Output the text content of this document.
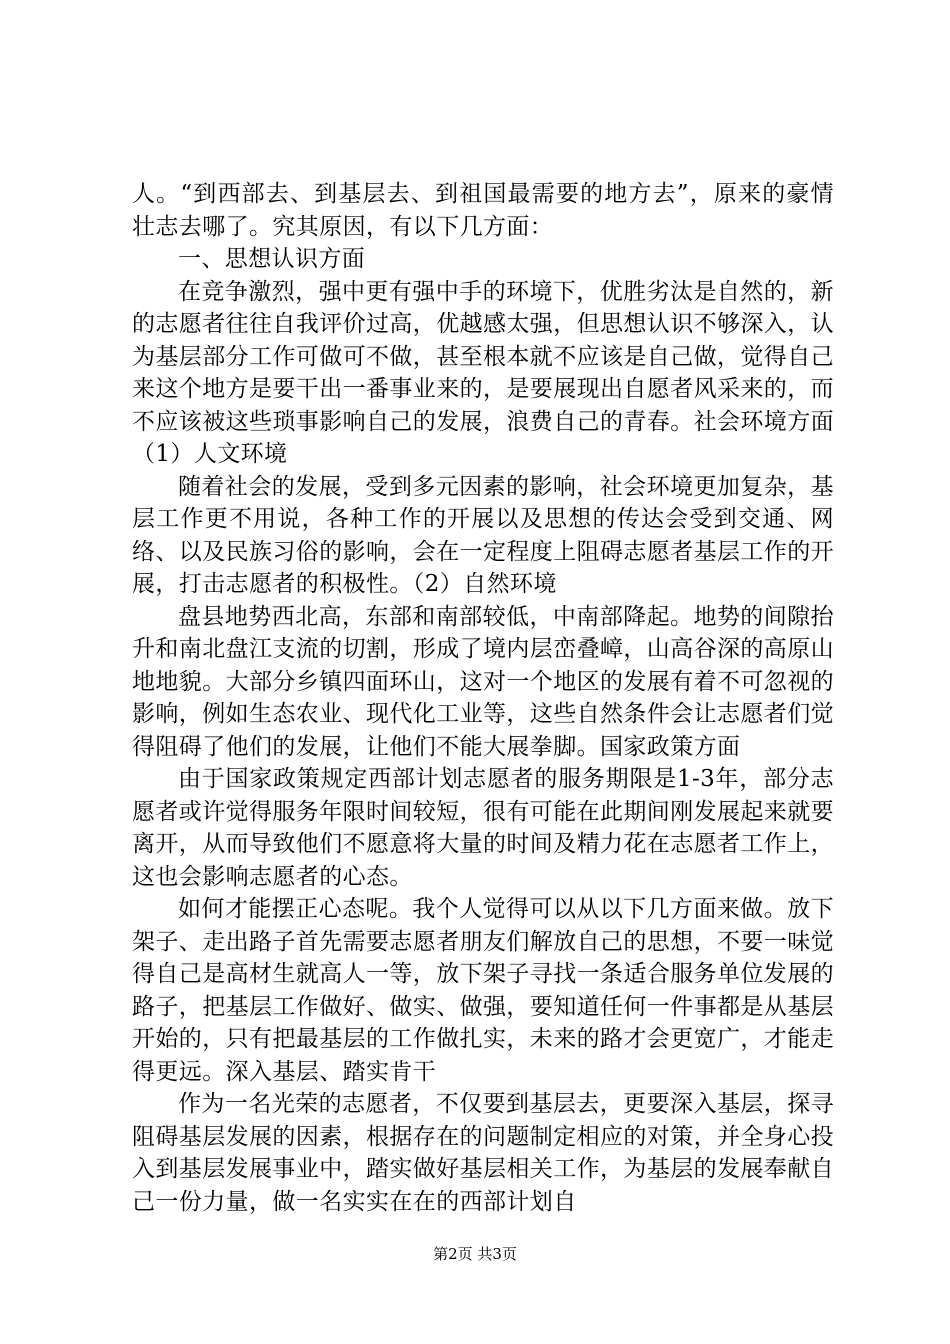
人。“到西部去、到基层去、到祖国最需要的地方去”，原来的豪情壮志去哪了。究其原因，有以下几方面：

一、思想认识方面

在竞争激烈，强中更有强中手的环境下，优胜劣汰是自然的，新的志愿者往往自我评价过高，优越感太强，但思想认识不够深入，认为基层部分工作可做可不做，甚至根本就不应该是自己做，觉得自己来这个地方是要干出一番事业来的，是要展现出自愿者风采来的，而不应该被这些琐事影响自己的发展，浪费自己的青春。社会环境方面（1）人文环境

随着社会的发展，受到多元因素的影响，社会环境更加复杂，基层工作更不用说，各种工作的开展以及思想的传达会受到交通、网络、以及民族习俗的影响，会在一定程度上阻碍志愿者基层工作的开展，打击志愿者的积极性。（2）自然环境

盘县地势西北高，东部和南部较低，中南部降起。地势的间隙抬升和南北盘江支流的切割，形成了境内层峦叠嶂，山高谷深的高原山地地貌。大部分乡镇四面环山，这对一个地区的发展有着不可忽视的影响，例如生态农业、现代化工业等，这些自然条件会让志愿者们觉得阻碍了他们的发展，让他们不能大展拳脚。国家政策方面

由于国家政策规定西部计划志愿者的服务期限是1-3年，部分志愿者或许觉得服务年限时间较短，很有可能在此期间刚发展起来就要离开，从而导致他们不愿意将大量的时间及精力花在志愿者工作上，这也会影响志愿者的心态。

如何才能摆正心态呢。我个人觉得可以从以下几方面来做。放下架子、走出路子首先需要志愿者朋友们解放自己的思想，不要一味觉得自己是高材生就高人一等，放下架子寻找一条适合服务单位发展的路子，把基层工作做好、做实、做强，要知道任何一件事都是从基层开始的，只有把最基层的工作做扎实，未来的路才会更宽广，才能走得更远。深入基层、踏实肯干

作为一名光荣的志愿者，不仅要到基层去，更要深入基层，探寻阻碍基层发展的因素，根据存在的问题制定相应的对策，并全身心投入到基层发展事业中，踏实做好基层相关工作，为基层的发展奉献自己一份力量，做一名实实在在的西部计划自

第2页 共3页
